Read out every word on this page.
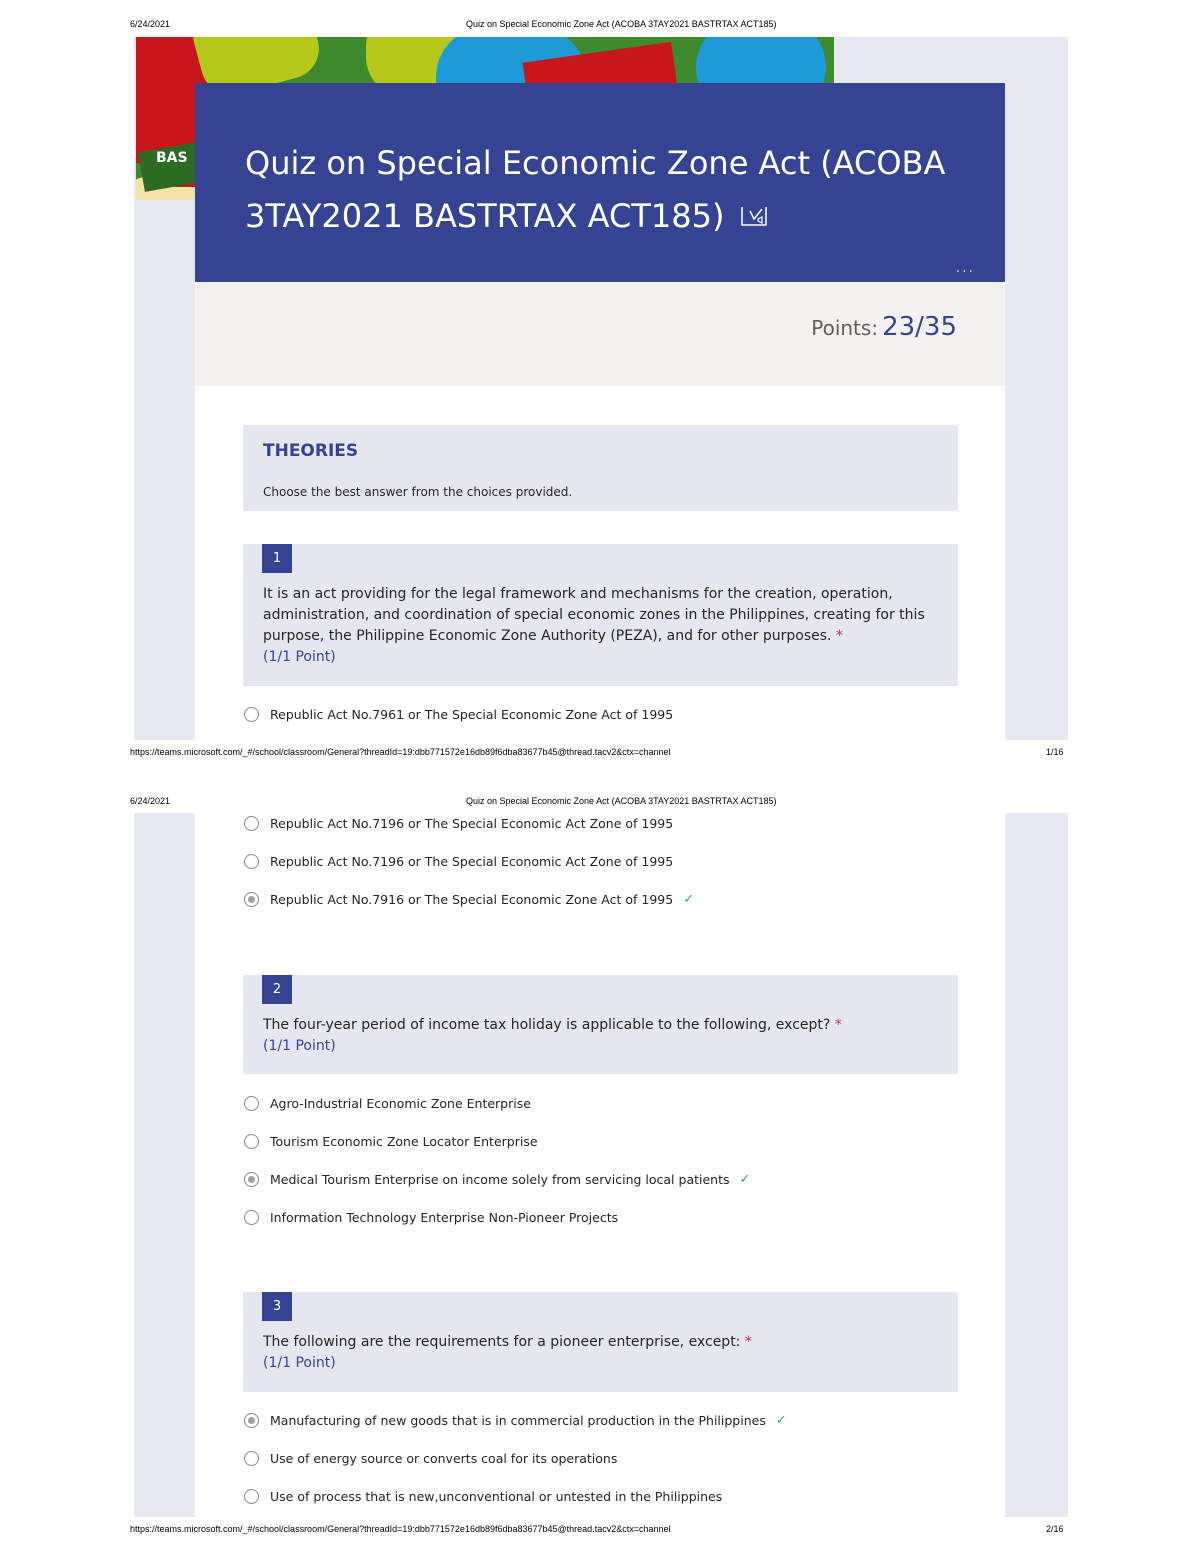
6/24/2021	Quiz on Special Economic Zone Act (ACOBA 3TAY2021 BASTRTAX ACT185)
BAS Quiz on Special Economic Zone Act (ACOBA
3TAY2021 BASTRTAX ACT185)
...
Points: 23/35
THEORIES
Choose the best answer from the choices provided.
1
It is an act providing for the legal framework and mechanisms for the creation, operation, administration, and coordination of special economic zones in the Philippines, creating for this purpose, the Philippine Economic Zone Authority (PEZA), and for other purposes. *
(1/1 Point)
Republic Act No.7961 or The Special Economic Zone Act of 1995
https://teams.microsoft.com/_#/school/classroom/General?threadId=19:dbb771572e16db89f6dba83677b45@thread.tacv2&ctx=channel	1/16
6/24/2021	Quiz on Special Economic Zone Act (ACOBA 3TAY2021 BASTRTAX ACT185)
Republic Act No.7196 or The Special Economic Act Zone of 1995
Republic Act No.7196 or The Special Economic Act Zone of 1995
Republic Act No.7916 or The Special Economic Zone Act of 1995 ✓
2
The four-year period of income tax holiday is applicable to the following, except? *
(1/1 Point)
Agro-Industrial Economic Zone Enterprise
Tourism Economic Zone Locator Enterprise
Medical Tourism Enterprise on income solely from servicing local patients ✓
Information Technology Enterprise Non-Pioneer Projects
3
The following are the requirements for a pioneer enterprise, except: *
(1/1 Point)
Manufacturing of new goods that is in commercial production in the Philippines ✓
Use of energy source or converts coal for its operations
Use of process that is new,unconventional or untested in the Philippines
https://teams.microsoft.com/_#/school/classroom/General?threadId=19:dbb771572e16db89f6dba83677b45@thread.tacv2&ctx=channel	2/16
